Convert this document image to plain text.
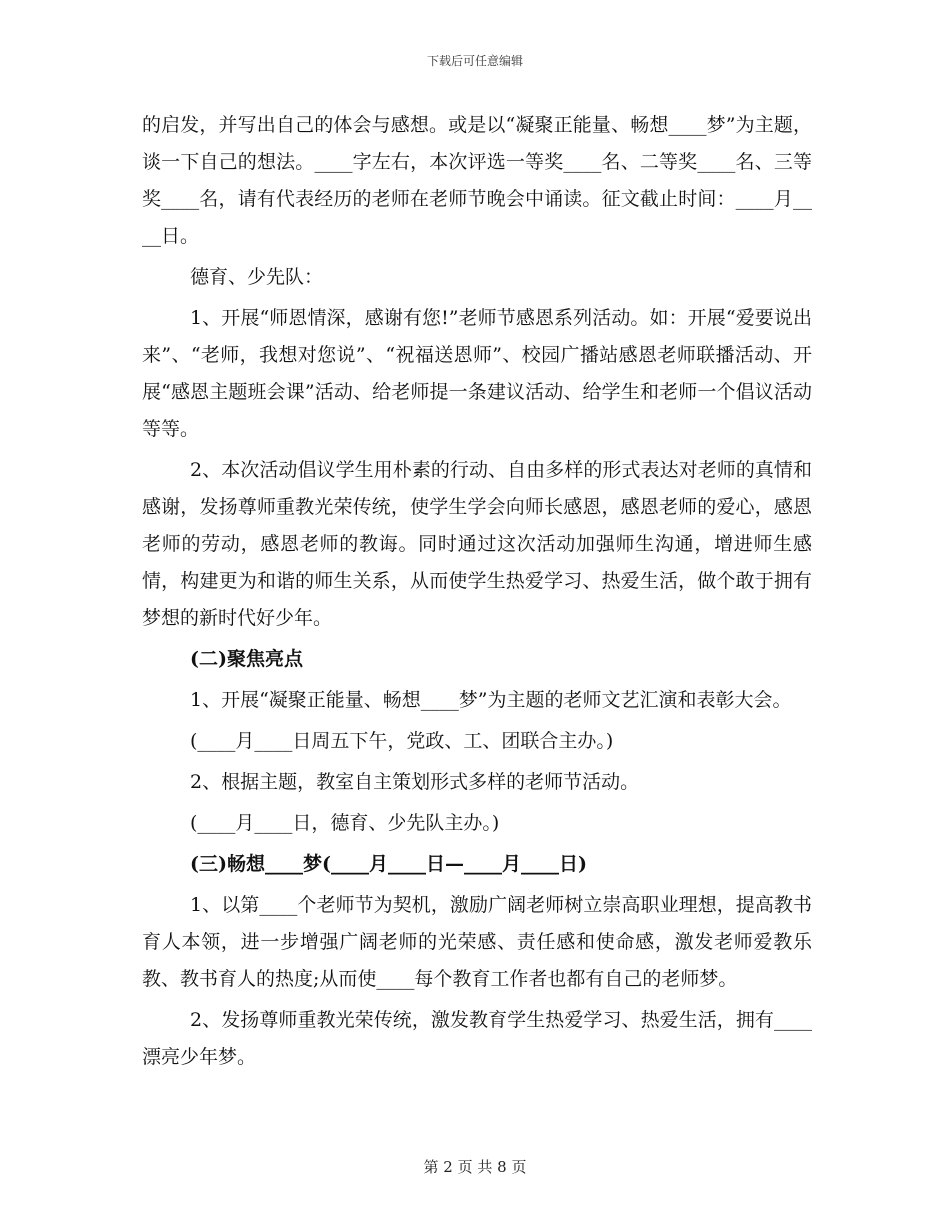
下载后可任意编辑

的启发，并写出自己的体会与感想。或是以“凝聚正能量、畅想____梦”为主题，谈一下自己的想法。____字左右，本次评选一等奖____名、二等奖____名、三等奖____名，请有代表经历的老师在老师节晚会中诵读。征文截止时间：____月____日。

德育、少先队：

1、开展“师恩情深，感谢有您!”老师节感恩系列活动。如：开展“爱要说出来”、“老师，我想对您说”、“祝福送恩师”、校园广播站感恩老师联播活动、开展“感恩主题班会课”活动、给老师提一条建议活动、给学生和老师一个倡议活动等等。

2、本次活动倡议学生用朴素的行动、自由多样的形式表达对老师的真情和感谢，发扬尊师重教光荣传统，使学生学会向师长感恩，感恩老师的爱心，感恩老师的劳动，感恩老师的教诲。同时通过这次活动加强师生沟通，增进师生感情，构建更为和谐的师生关系，从而使学生热爱学习、热爱生活，做个敢于拥有梦想的新时代好少年。

(二)聚焦亮点

1、开展“凝聚正能量、畅想____梦”为主题的老师文艺汇演和表彰大会。

(____月____日周五下午，党政、工、团联合主办。)

2、根据主题，教室自主策划形式多样的老师节活动。

(____月____日，德育、少先队主办。)

(三)畅想____梦(____月____日—____月____日)

1、以第____个老师节为契机，激励广阔老师树立崇高职业理想，提高教书育人本领，进一步增强广阔老师的光荣感、责任感和使命感，激发老师爱教乐教、教书育人的热度;从而使____每个教育工作者也都有自己的老师梦。

2、发扬尊师重教光荣传统，激发教育学生热爱学习、热爱生活，拥有____漂亮少年梦。

第 2 页 共 8 页
